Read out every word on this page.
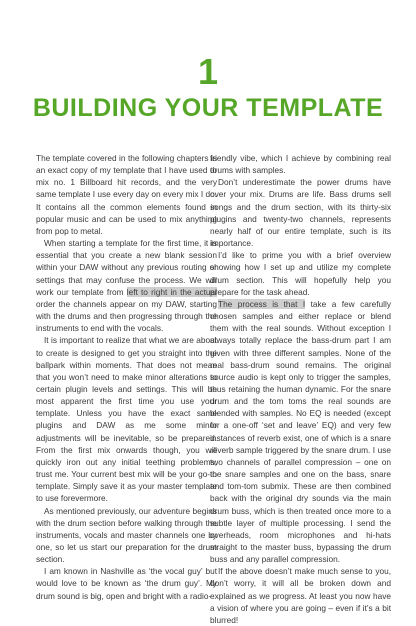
1
BUILDING YOUR TEMPLATE

The template covered in the following chapters is an exact copy of my template that I have used to mix no. 1 Billboard hit records, and the very same template I use every day on every mix I do. It contains all the common elements found in popular music and can be used to mix anything from pop to metal.

When starting a template for the first time, it is essential that you create a new blank session within your DAW without any previous routing or settings that may confuse the process. We will work our template from left to right in the actual order the channels appear on my DAW, starting with the drums and then progressing through the instruments to end with the vocals.

It is important to realize that what we are about to create is designed to get you straight into the ballpark within moments. That does not mean that you won’t need to make minor alterations to certain plugin levels and settings. This will be most apparent the first time you use your template. Unless you have the exact same plugins and DAW as me some minor adjustments will be inevitable, so be prepared. From the first mix onwards though, you will quickly iron out any initial teething problems, trust me. Your current best mix will be your go-to template. Simply save it as your master template to use forevermore.

As mentioned previously, our adventure begins with the drum section before walking through the instruments, vocals and master channels one by one, so let us start our preparation for the drum section.

I am known in Nashville as ‘the vocal guy’ but would love to be known as ‘the drum guy’. My drum sound is big, open and bright with a radio-

friendly vibe, which I achieve by combining real drums with samples.

Don’t underestimate the power drums have over your mix. Drums are life. Bass drums sell songs and the drum section, with its thirty-six plugins and twenty-two channels, represents nearly half of our entire template, such is its importance.

I’d like to prime you with a brief overview showing how I set up and utilize my complete drum section. This will hopefully help you prepare for the task ahead.

The process is that I take a few carefully chosen samples and either replace or blend them with the real sounds. Without exception I always totally replace the bass-drum part I am given with three different samples. None of the real bass-drum sound remains. The original source audio is kept only to trigger the samples, thus retaining the human dynamic. For the snare drum and the tom toms the real sounds are blended with samples. No EQ is needed (except for a one-off ‘set and leave’ EQ) and very few instances of reverb exist, one of which is a snare reverb sample triggered by the snare drum. I use two channels of parallel compression – one on the snare samples and one on the bass, snare and tom-tom submix. These are then combined back with the original dry sounds via the main drum buss, which is then treated once more to a subtle layer of multiple processing. I send the overheads, room microphones and hi-hats straight to the master buss, bypassing the drum buss and any parallel compression.

If the above doesn’t make much sense to you, don’t worry, it will all be broken down and explained as we progress. At least you now have a vision of where you are going – even if it’s a bit blurred!
